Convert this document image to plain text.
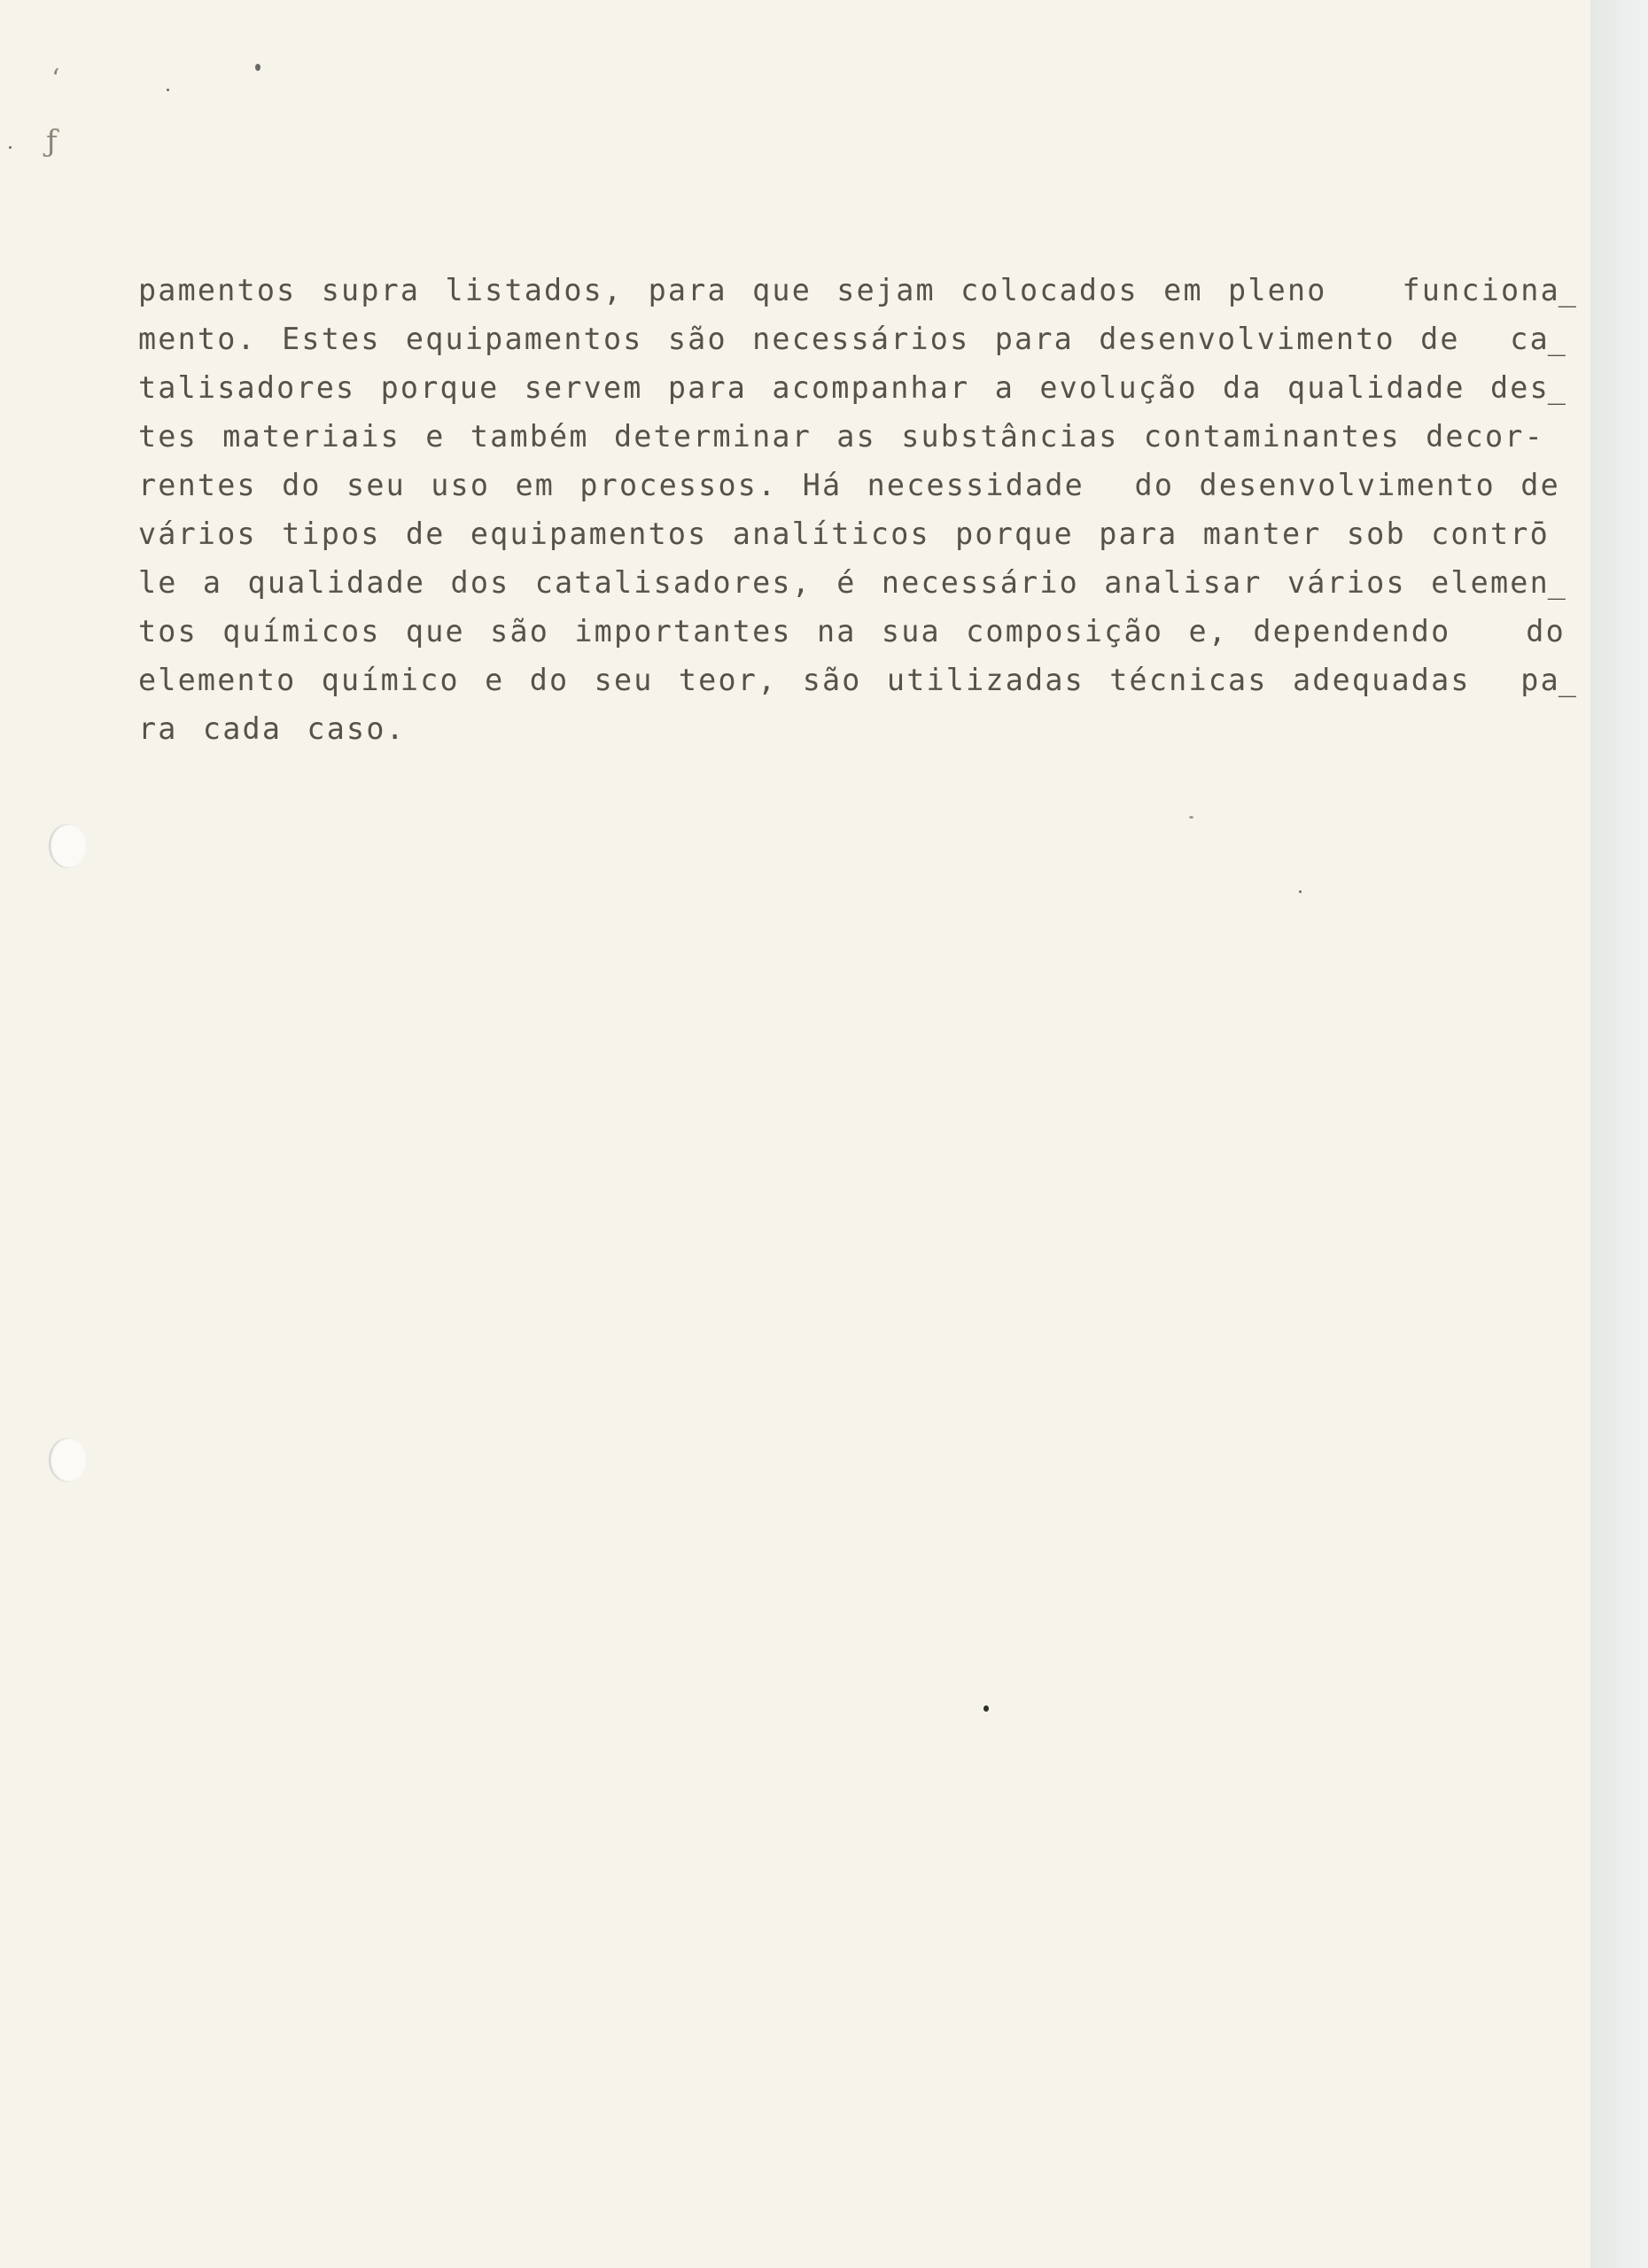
ʻ
ƒ
pamentos supra listados, para que sejam colocados em pleno   funciona̲
mento. Estes equipamentos são necessários para desenvolvimento de  ca̲
talisadores porque servem para acompanhar a evolução da qualidade des̲
tes materiais e também determinar as substâncias contaminantes decor-
rentes do seu uso em processos. Há necessidade  do desenvolvimento de
vários tipos de equipamentos analíticos porque para manter sob contrō
le a qualidade dos catalisadores, é necessário analisar vários elemen̲
tos químicos que são importantes na sua composição e, dependendo   do
elemento químico e do seu teor, são utilizadas técnicas adequadas  pa̲
ra cada caso.
